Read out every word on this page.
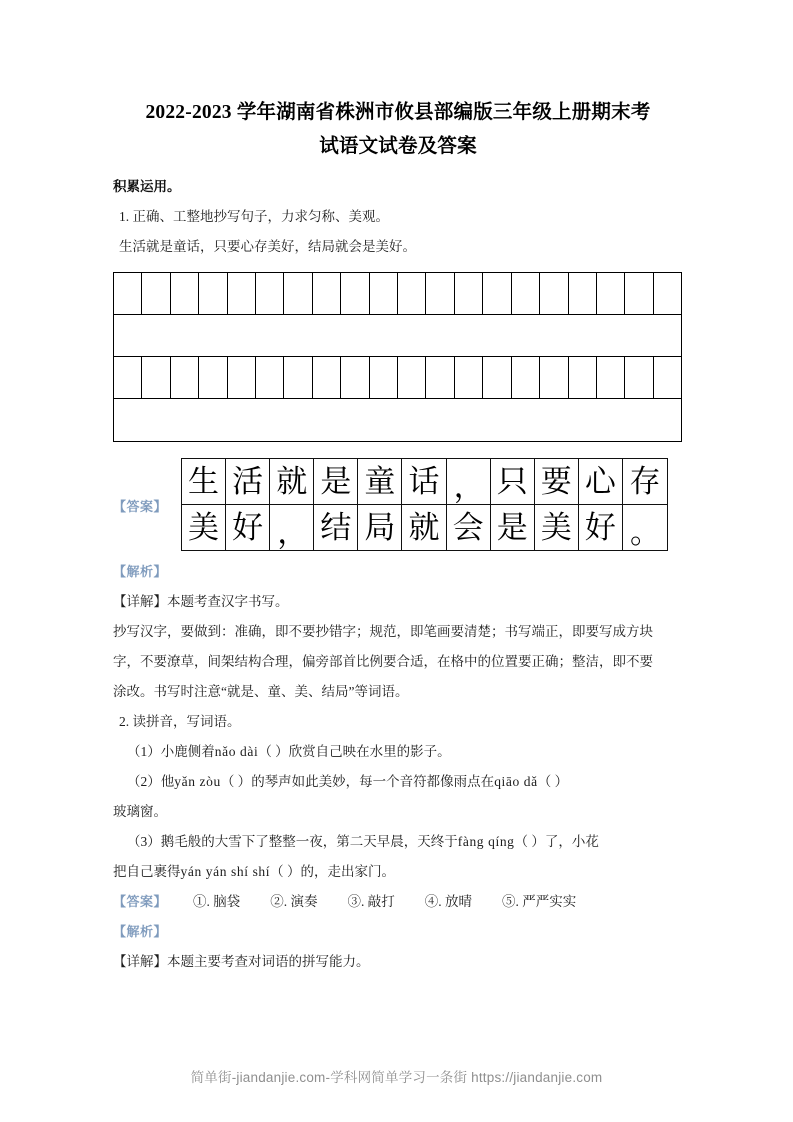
2022-2023 学年湖南省株洲市攸县部编版三年级上册期末考
试语文试卷及答案
积累运用。

1. 正确、工整地抄写句子，力求匀称、美观。

生活就是童话，只要心存美好，结局就会是美好。

【答案】
生 活 就 是 童 话 ， 只 要 心 存
美 好 ， 结 局 就 会 是 美 好 。
【解析】

【详解】本题考查汉字书写。

抄写汉字，要做到：准确，即不要抄错字；规范，即笔画要清楚；书写端正，即要写成方块

字，不要潦草，间架结构合理，偏旁部首比例要合适，在格中的位置要正确；整洁，即不要

涂改。书写时注意“就是、童、美、结局”等词语。

2. 读拼音，写词语。

（1）小鹿侧着nǎo dài（ ）欣赏自己映在水里的影子。

（2）他yǎn zòu（ ）的琴声如此美妙，每一个音符都像雨点在qiāo dǎ（ ）

玻璃窗。

（3）鹅毛般的大雪下了整整一夜，第二天早晨，天终于fàng qíng（ ）了，小花

把自己裹得yán yán shí shí（ ）的，走出家门。

【答案】 ①. 脑袋 ②. 演奏 ③. 敲打 ④. 放晴 ⑤. 严严实实
【解析】

【详解】本题主要考查对词语的拼写能力。

简单街-jiandanjie.com-学科网简单学习一条街 https://jiandanjie.com
